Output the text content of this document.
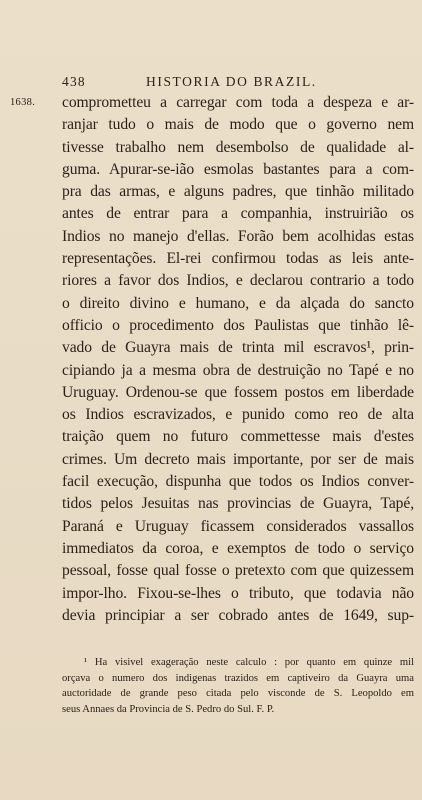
438	HISTORIA DO BRAZIL.
1638. comprometteu a carregar com toda a despeza e ar-
ranjar tudo o mais de modo que o governo nem
tivesse trabalho nem desembolso de qualidade al-
guma. Apurar-se-ião esmolas bastantes para a com-
pra das armas, e alguns padres, que tinhão militado
antes de entrar para a companhia, instruirião os
Indios no manejo d'ellas. Forão bem acolhidas estas
representações. El-rei confirmou todas as leis ante-
riores a favor dos Indios, e declarou contrario a todo
o direito divino e humano, e da alçada do sancto
officio o procedimento dos Paulistas que tinhão lê-
vado de Guayra mais de trinta mil escravos¹, prin-
cipiando ja a mesma obra de destruição no Tapé e no
Uruguay. Ordenou-se que fossem postos em liberdade
os Indios escravizados, e punido como reo de alta
traição quem no futuro commettesse mais d'estes
crimes. Um decreto mais importante, por ser de mais
facil execução, dispunha que todos os Indios conver-
tidos pelos Jesuitas nas provincias de Guayra, Tapé,
Paraná e Uruguay ficassem considerados vassallos
immediatos da coroa, e exemptos de todo o serviço
pessoal, fosse qual fosse o pretexto com que quizessem
impor-lho. Fixou-se-lhes o tributo, que todavia não
devia principiar a ser cobrado antes de 1649, sup-
¹ Ha visivel exageração neste calculo : por quanto em quinze mil
orçava o numero dos indigenas trazidos em captiveiro da Guayra uma
auctoridade de grande peso citada pelo visconde de S. Leopoldo em
seus Annaes da Provincia de S. Pedro do Sul. F. P.
